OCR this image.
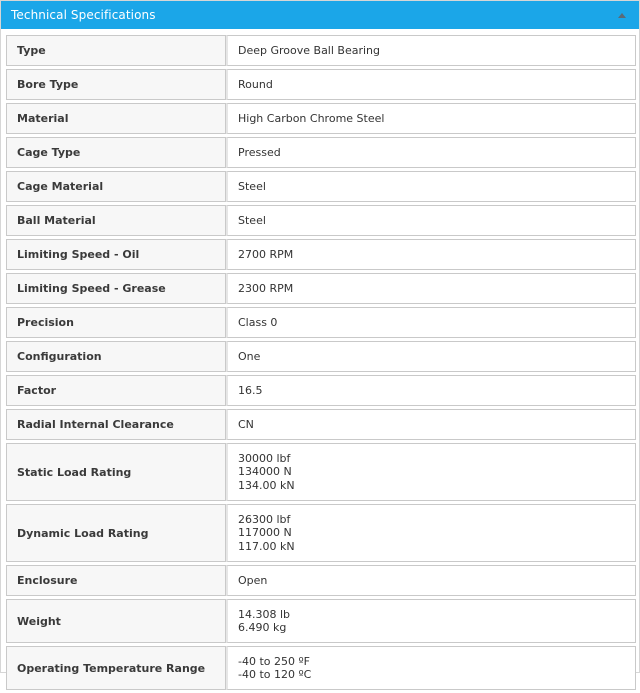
Technical Specifications
Type	Deep Groove Ball Bearing

Bore Type	Round

Material	High Carbon Chrome Steel

Cage Type	Pressed

Cage Material	Steel

Ball Material	Steel

Limiting Speed - Oil	2700 RPM

Limiting Speed - Grease	2300 RPM

Precision	Class 0

Configuration	One

Factor	16.5

Radial Internal Clearance	CN

Static Load Rating	30000 lbf
134000 N
134.00 kN

Dynamic Load Rating	26300 lbf
117000 N
117.00 kN

Enclosure	Open

Weight	14.308 lb
6.490 kg

Operating Temperature Range	-40 to 250 ºF
-40 to 120 ºC
